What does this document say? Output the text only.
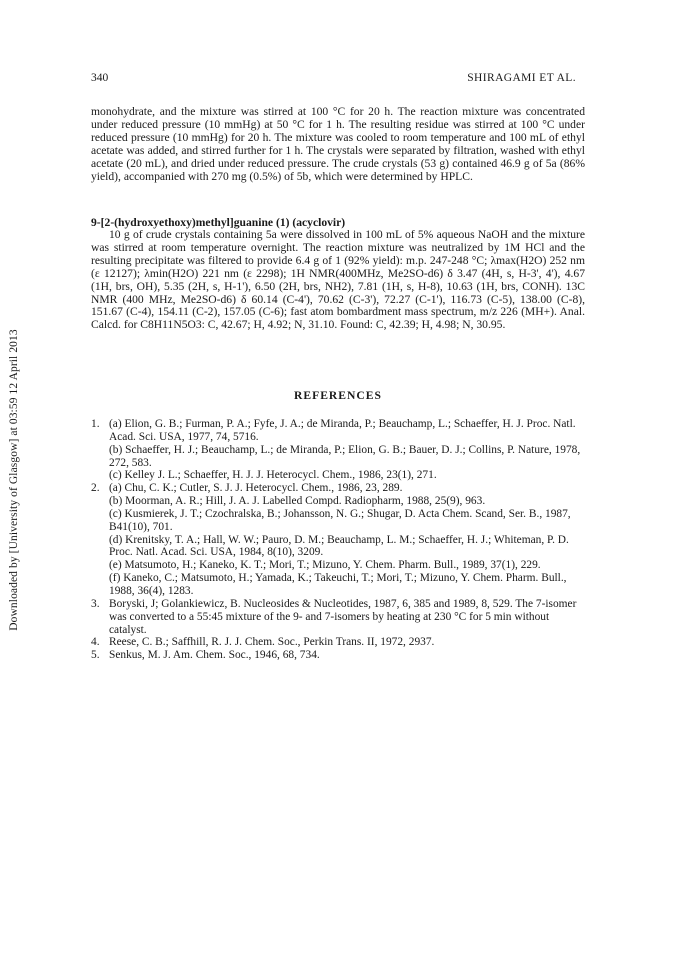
Downloaded by [University of Glasgow] at 03:59 12 April 2013
340	SHIRAGAMI ET AL.
monohydrate, and the mixture was stirred at 100 °C for 20 h. The reaction mixture was concentrated under reduced pressure (10 mmHg) at 50 °C for 1 h. The resulting residue was stirred at 100 °C under reduced pressure (10 mmHg) for 20 h. The mixture was cooled to room temperature and 100 mL of ethyl acetate was added, and stirred further for 1 h. The crystals were separated by filtration, washed with ethyl acetate (20 mL), and dried under reduced pressure. The crude crystals (53 g) contained 46.9 g of 5a (86% yield), accompanied with 270 mg (0.5%) of 5b, which were determined by HPLC.
9-[2-(hydroxyethoxy)methyl]guanine (1) (acyclovir)
10 g of crude crystals containing 5a were dissolved in 100 mL of 5% aqueous NaOH and the mixture was stirred at room temperature overnight. The reaction mixture was neutralized by 1M HCl and the resulting precipitate was filtered to provide 6.4 g of 1 (92% yield): m.p. 247-248 °C; λmax(H2O) 252 nm (ε 12127); λmin(H2O) 221 nm (ε 2298); 1H NMR(400MHz, Me2SO-d6) δ 3.47 (4H, s, H-3', 4'), 4.67 (1H, brs, OH), 5.35 (2H, s, H-1'), 6.50 (2H, brs, NH2), 7.81 (1H, s, H-8), 10.63 (1H, brs, CONH). 13C NMR (400 MHz, Me2SO-d6) δ 60.14 (C-4'), 70.62 (C-3'), 72.27 (C-1'), 116.73 (C-5), 138.00 (C-8), 151.67 (C-4), 154.11 (C-2), 157.05 (C-6); fast atom bombardment mass spectrum, m/z 226 (MH+). Anal. Calcd. for C8H11N5O3: C, 42.67; H, 4.92; N, 31.10. Found: C, 42.39; H, 4.98; N, 30.95.
REFERENCES
1. (a) Elion, G. B.; Furman, P. A.; Fyfe, J. A.; de Miranda, P.; Beauchamp, L.; Schaeffer, H. J. Proc. Natl. Acad. Sci. USA, 1977, 74, 5716.
(b) Schaeffer, H. J.; Beauchamp, L.; de Miranda, P.; Elion, G. B.; Bauer, D. J.; Collins, P. Nature, 1978, 272, 583.
(c) Kelley J. L.; Schaeffer, H. J. J. Heterocycl. Chem., 1986, 23(1), 271.
2. (a) Chu, C. K.; Cutler, S. J. J. Heterocycl. Chem., 1986, 23, 289.
(b) Moorman, A. R.; Hill, J. A. J. Labelled Compd. Radiopharm, 1988, 25(9), 963.
(c) Kusmierek, J. T.; Czochralska, B.; Johansson, N. G.; Shugar, D. Acta Chem. Scand, Ser. B., 1987, B41(10), 701.
(d) Krenitsky, T. A.; Hall, W. W.; Pauro, D. M.; Beauchamp, L. M.; Schaeffer, H. J.; Whiteman, P. D. Proc. Natl. Acad. Sci. USA, 1984, 8(10), 3209.
(e) Matsumoto, H.; Kaneko, K. T.; Mori, T.; Mizuno, Y. Chem. Pharm. Bull., 1989, 37(1), 229.
(f) Kaneko, C.; Matsumoto, H.; Yamada, K.; Takeuchi, T.; Mori, T.; Mizuno, Y. Chem. Pharm. Bull., 1988, 36(4), 1283.
3. Boryski, J; Golankiewicz, B. Nucleosides & Nucleotides, 1987, 6, 385 and 1989, 8, 529. The 7-isomer was converted to a 55:45 mixture of the 9- and 7-isomers by heating at 230 °C for 5 min without catalyst.
4. Reese, C. B.; Saffhill, R. J. J. Chem. Soc., Perkin Trans. II, 1972, 2937.
5. Senkus, M. J. Am. Chem. Soc., 1946, 68, 734.
